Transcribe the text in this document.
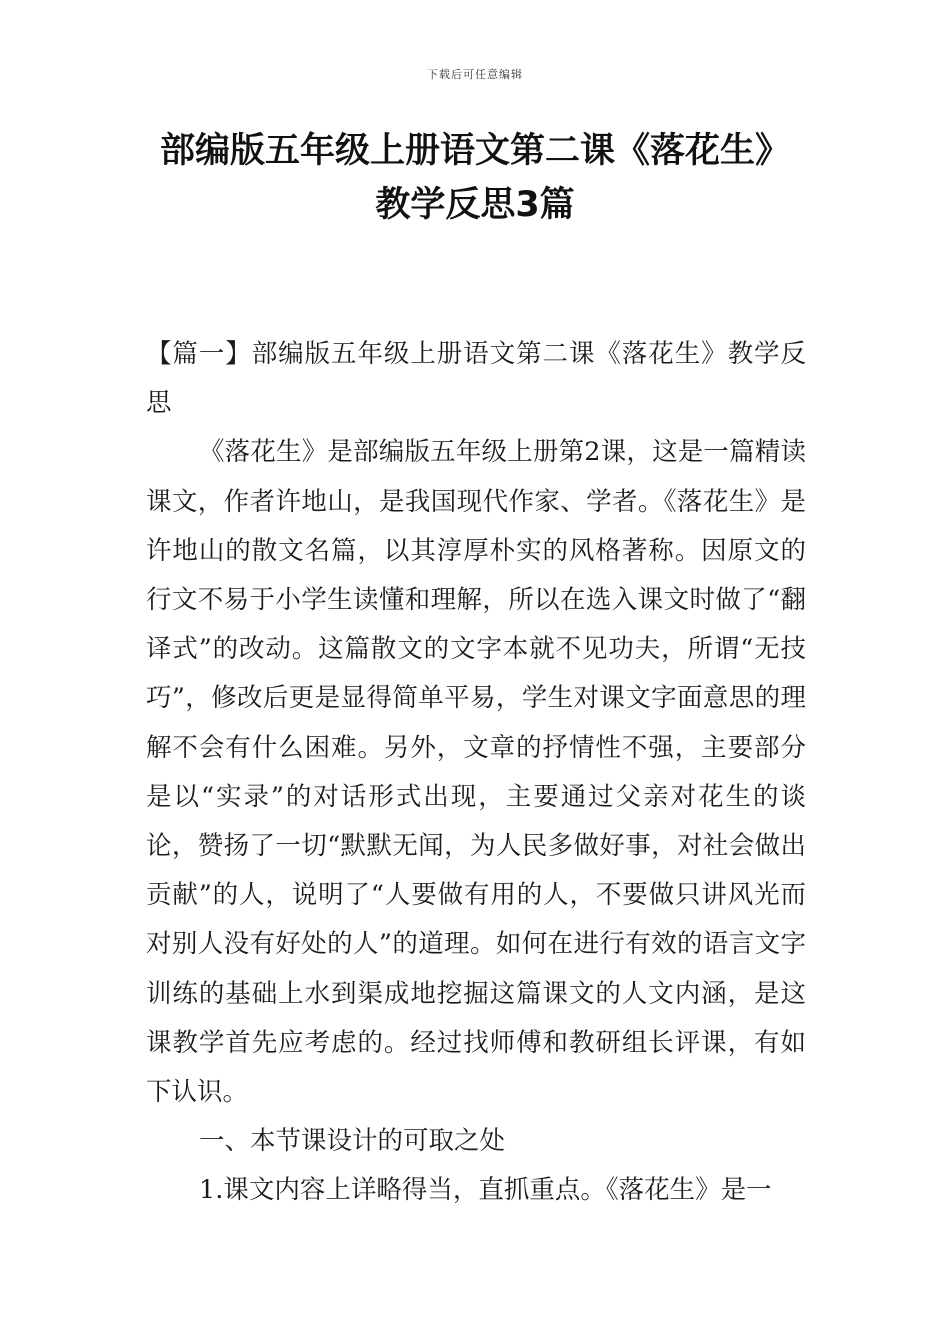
下载后可任意编辑
部编版五年级上册语文第二课《落花生》
教学反思3篇

【篇一】部编版五年级上册语文第二课《落花生》教学反思

《落花生》是部编版五年级上册第2课，这是一篇精读课文，作者许地山，是我国现代作家、学者。《落花生》是许地山的散文名篇，以其淳厚朴实的风格著称。因原文的行文不易于小学生读懂和理解，所以在选入课文时做了“翻译式”的改动。这篇散文的文字本就不见功夫，所谓“无技巧”，修改后更是显得简单平易，学生对课文字面意思的理解不会有什么困难。另外，文章的抒情性不强，主要部分是以“实录”的对话形式出现，主要通过父亲对花生的谈论，赞扬了一切“默默无闻，为人民多做好事，对社会做出贡献”的人，说明了“人要做有用的人，不要做只讲风光而对别人没有好处的人”的道理。如何在进行有效的语言文字训练的基础上水到渠成地挖掘这篇课文的人文内涵，是这课教学首先应考虑的。经过找师傅和教研组长评课，有如下认识。

一、本节课设计的可取之处

1.课文内容上详略得当，直抓重点。《落花生》是一
